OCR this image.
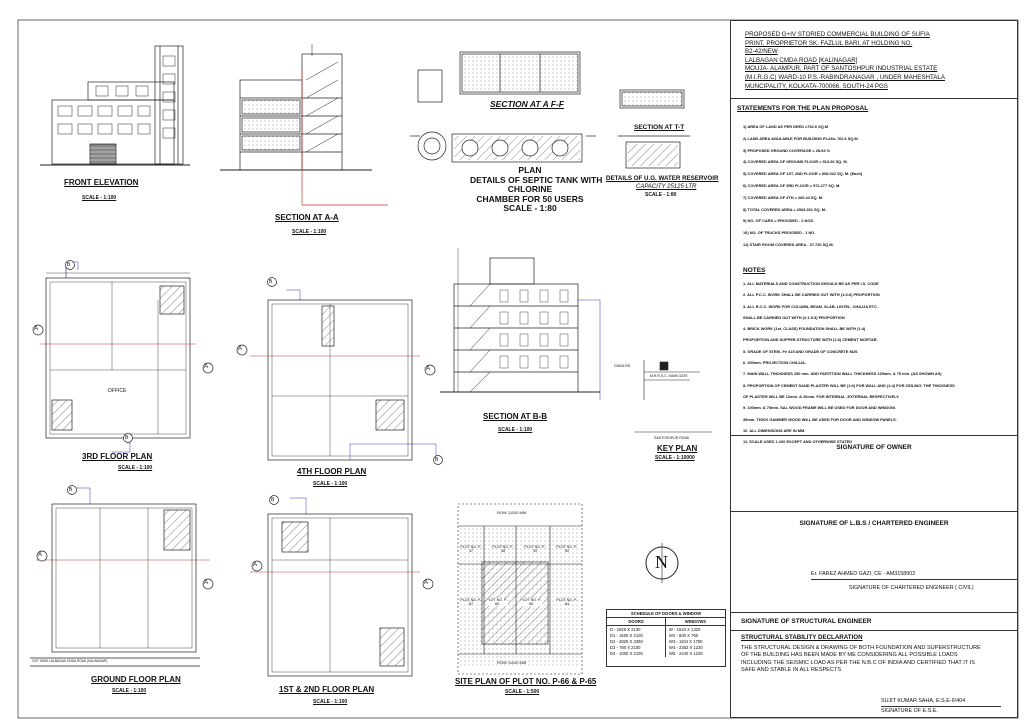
A
A
A
A
A
A
A
A
B
B
B
B
B
B
FRONT ELEVATION
SCALE - 1:100
SECTION AT A-A
SCALE - 1:100
SECTION AT A F-F
PLAN
DETAILS OF SEPTIC TANK WITH
CHLORINE
CHAMBER FOR 50 USERS
SCALE - 1:80
SECTION AT T-T
DETAILS OF U.G. WATER RESERVOIR
CAPACITY 25125 LTR
SCALE - 1:80
OFFICE
3RD FLOOR PLAN
SCALE - 1:100	4TH FLOOR PLAN
SCALE - 1:100
SECTION AT B-B
SCALE - 1:100
CMDA RD
M.R.R.S.C. MAIN GATE
SANTOSHPUR ROAD
KEY PLAN
SCALE - 1:10000
10'0" WIDE LALBAGAN CMDA ROAD (KALINAGAR)
GROUND FLOOR PLAN
SCALE - 1:100	1ST & 2ND FLOOR PLAN
SCALE - 1:100
ROW 11100 MM
ROW 11100 MM
PLOT NO. P-47
PLOT NO. P-48
PLOT NO. P-49
PLOT NO. P-50
PLOT NO. P-67
PLOT NO. P-66
PLOT NO. P-65
PLOT NO. P-64
SITE PLAN OF PLOT NO. P-66 & P-65
SCALE - 1:500
N
SCHEDULE OF DOORS & WINDOW
DOORS
D - 1829 X 2130
D1 - 1500 X 2100
D2 - 4825 X 3360
D3 - 780 X 2100
D4 - 1000 X 2100
WINDOWS
W - 1524 X 1320
W2 - 600 X 760
W3 - 1104 X 1750
W4 - 2362 X 1220
W5 - 2440 X 1220
PROPOSED G+IV STORIED COMMERCIAL BUILDING OF SUFIA
PRINT, PROPRIETOR SK. FAZLUL BARI, AT HOLDING NO.
B2-42/NEW
LALBAGAN CMDA ROAD [KALINAGAR]
MOUJA- ALAMPUR, PART OF SANTOSHPUR INDUSTRIAL ESTATE
(M.I.R.G.C) WARD-10 P.S.-RABINDRANAGAR , UNDER MAHESHTALA
MUNCIPALITY, KOLKATA-700066, SOUTH-24 PGS
STATEMENTS FOR THE PLAN PROPOSAL
1) AREA OF LAND AS PER DEED =762.6 SQ.M
2) LAND AREA AVAILABLE FOR BUILDING PLAN= 762.6 SQ.M
3) PROPOSED GROUND COVERAGE = 28.94 %
4) COVERED AREA OF GROUND FLOOR = 513.26 SQ. M.
5) COVERED AREA OF 1ST, 2ND FLOOR = 608.032 SQ. M. (Each)
6) COVERED AREA OF 3RD FLOOR = 572.277 SQ. M.
7) COVERED AREA OF 4TH = 260.44 SQ. M.
8) TOTAL COVERED AREA = 2563.261 SQ. M.
9) NO. OF CARS = PROVIDED - 2 NOS.
10) NO. OF TRUCKS PROVIDED - 1 NO.
11) STAIR ROOM COVERED AREA - 37.720 SQ.M.
NOTES
1. ALL MATERIALS AND CONSTRUCTION SHOULD BE AS PER I.S. CODE
2. ALL P.C.C. WORK SHALL BE CARRIED OUT WITH (1:3:6) PROPORTION
3. ALL R.C.C. WORK FOR COLUMN, BEAM, SLAB, LINTEL, CHAJJA ETC.
SHALL BE CARRIED OUT WITH (1:1.5:3) PROPORTION
4. BRICK WORK (1st. CLASS) FOUNDATION SHALL BE WITH (1:4)
PROPORTION AND SUPPER-STRUCTURE WITH (1:6) CEMENT MORTAR.
5. GRADE OF STEEL Fe 415 AND GRADE OF CONCRETE M20.
6. 450mm. PROJECTION CHAJJA.
7. MAIN WALL THICKNESS 250 mm. AND PARTITION WALL THICKNESS 125mm. & 75 mm. (AS SHOWN AS)
8. PROPORTION OF CEMENT SAND PLASTER WILL BE (1:6) FOR WALL AND (1:4) FOR CEILING. THE THICKNESS
OF PLASTER WILL BE 12mm. & 20mm. FOR INTERNAL ,EXTERNAL RESPECTIVELY.
9. 100mm. & 75mm. SAL WOOD FRAME WILL BE USED FOR DOOR AND WINDOW.
35mm. THICK GAMMER WOOD WILL BE USED FOR DOOR AND WINDOW PANELS.
10. ALL DIMENSIONS ARE IN MM.
11. SCALE USED 1:100 EXCEPT AND OTHERWISE STATED
SIGNATURE OF OWNER
SIGNATURE OF L.B.S / CHARTERED ENGINEER
Er. FAREZ AHMED GAZI, CE - AM3158902
SIGNATURE OF CHARTERED ENGINEER ( CIVIL)
SIGNATURE OF STRUCTURAL ENGINEER
STRUCTURAL STABILITY DECLARATION
THE STRUCTURAL DESIGN & DRAWING OF BOTH FOUNDATION AND SUPERSTRUCTURE
OF THE BUILDING HAS BEEN MADE BY ME CONSIDERING ALL POSSIBLE LOADS
INCLUDING THE SEISMIC LOAD AS PER THE N.B.C OF INDIA AND CERTIFIED THAT IT IS
SAFE AND STABLE IN ALL RESPECTS
SUJIT KUMAR SAHA, E.S.E-II/404
SIGNATURE OF E.S.E.
